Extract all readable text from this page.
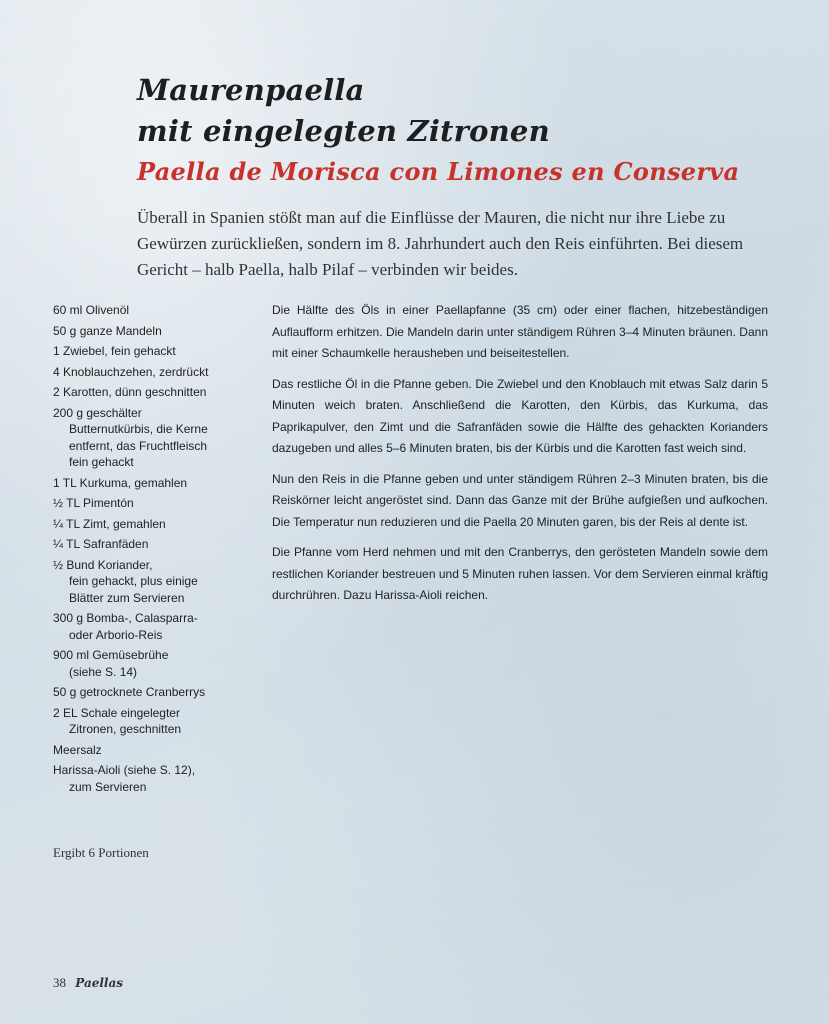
Maurenpaella
mit eingelegten Zitronen
Paella de Morisca con Limones en Conserva
Überall in Spanien stößt man auf die Einflüsse der Mauren, die nicht nur ihre Liebe zu Gewürzen zurückließen, sondern im 8. Jahrhundert auch den Reis einführten. Bei diesem Gericht – halb Paella, halb Pilaf – verbinden wir beides.
60 ml Olivenöl
50 g ganze Mandeln
1 Zwiebel, fein gehackt
4 Knoblauchzehen, zerdrückt
2 Karotten, dünn geschnitten
200 g geschälter
Butternutkürbis, die Kerne
entfernt, das Fruchtfleisch
fein gehackt
1 TL Kurkuma, gemahlen
½ TL Pimentón
¼ TL Zimt, gemahlen
¼ TL Safranfäden
½ Bund Koriander,
fein gehackt, plus einige
Blätter zum Servieren
300 g Bomba-, Calasparra-
oder Arborio-Reis
900 ml Gemüsebrühe
(siehe S. 14)
50 g getrocknete Cranberrys
2 EL Schale eingelegter
Zitronen, geschnitten
Meersalz
Harissa-Aioli (siehe S. 12),
zum Servieren
Ergibt 6 Portionen

Die Hälfte des Öls in einer Paellapfanne (35 cm) oder einer flachen, hitzebeständigen Auflaufform erhitzen. Die Mandeln darin unter ständigem Rühren 3–4 Minuten bräunen. Dann mit einer Schaumkelle herausheben und beiseitestellen.

Das restliche Öl in die Pfanne geben. Die Zwiebel und den Knoblauch mit etwas Salz darin 5 Minuten weich braten. Anschließend die Karotten, den Kürbis, das Kurkuma, das Paprikapulver, den Zimt und die Safranfäden sowie die Hälfte des gehackten Korianders dazugeben und alles 5–6 Minuten braten, bis der Kürbis und die Karotten fast weich sind.

Nun den Reis in die Pfanne geben und unter ständigem Rühren 2–3 Minuten braten, bis die Reiskörner leicht angeröstet sind. Dann das Ganze mit der Brühe aufgießen und aufkochen. Die Temperatur nun reduzieren und die Paella 20 Minuten garen, bis der Reis al dente ist.

Die Pfanne vom Herd nehmen und mit den Cranberrys, den gerösteten Mandeln sowie dem restlichen Koriander bestreuen und 5 Minuten ruhen lassen. Vor dem Servieren einmal kräftig durchrühren. Dazu Harissa-Aioli reichen.

38 Paellas
